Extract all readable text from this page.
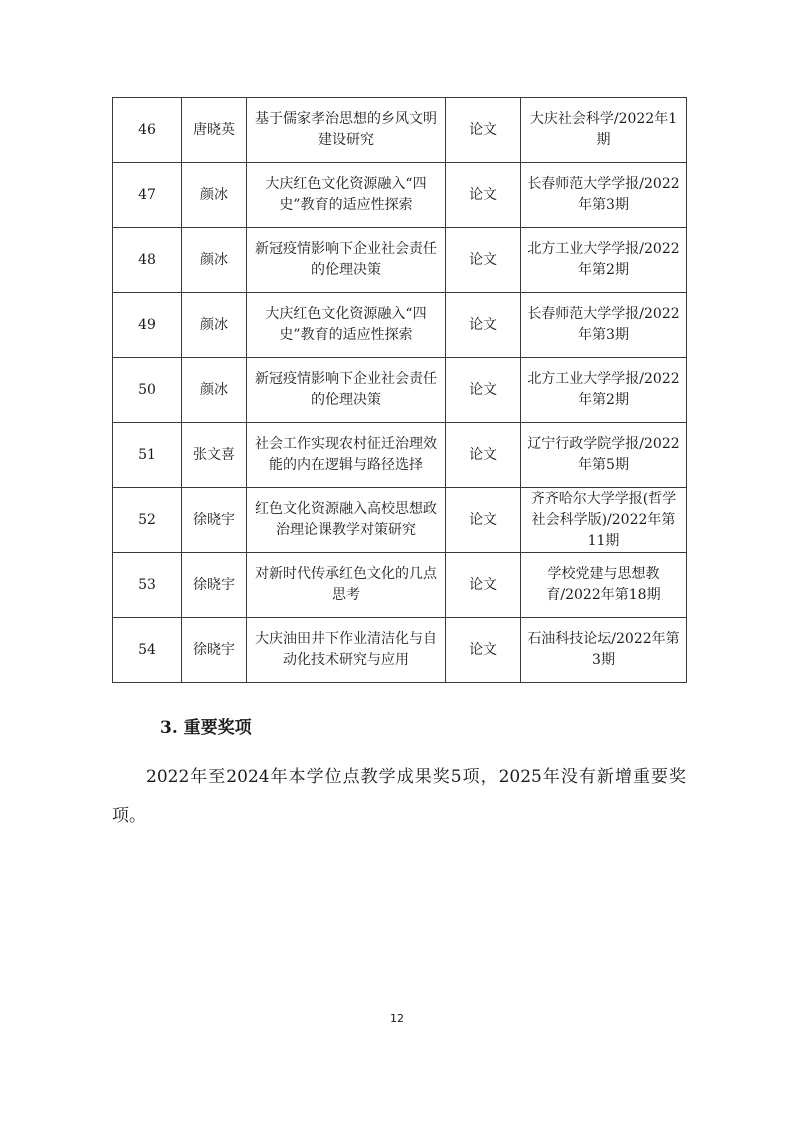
46	唐晓英	基于儒家孝治思想的乡风文明建设研究	论文	大庆社会科学/2022年1期
47	颜冰	大庆红色文化资源融入“四史”教育的适应性探索	论文	长春师范大学学报/2022年第3期
48	颜冰	新冠疫情影响下企业社会责任的伦理决策	论文	北方工业大学学报/2022年第2期
49	颜冰	大庆红色文化资源融入“四史”教育的适应性探索	论文	长春师范大学学报/2022年第3期
50	颜冰	新冠疫情影响下企业社会责任的伦理决策	论文	北方工业大学学报/2022年第2期
51	张文喜	社会工作实现农村征迁治理效能的内在逻辑与路径选择	论文	辽宁行政学院学报/2022年第5期
52	徐晓宇	红色文化资源融入高校思想政治理论课教学对策研究	论文	齐齐哈尔大学学报(哲学社会科学版)/2022年第11期
53	徐晓宇	对新时代传承红色文化的几点思考	论文	学校党建与思想教育/2022年第18期
54	徐晓宇	大庆油田井下作业清洁化与自动化技术研究与应用	论文	石油科技论坛/2022年第3期
3. 重要奖项

2022年至2024年本学位点教学成果奖5项，2025年没有新增重要奖项。

12
